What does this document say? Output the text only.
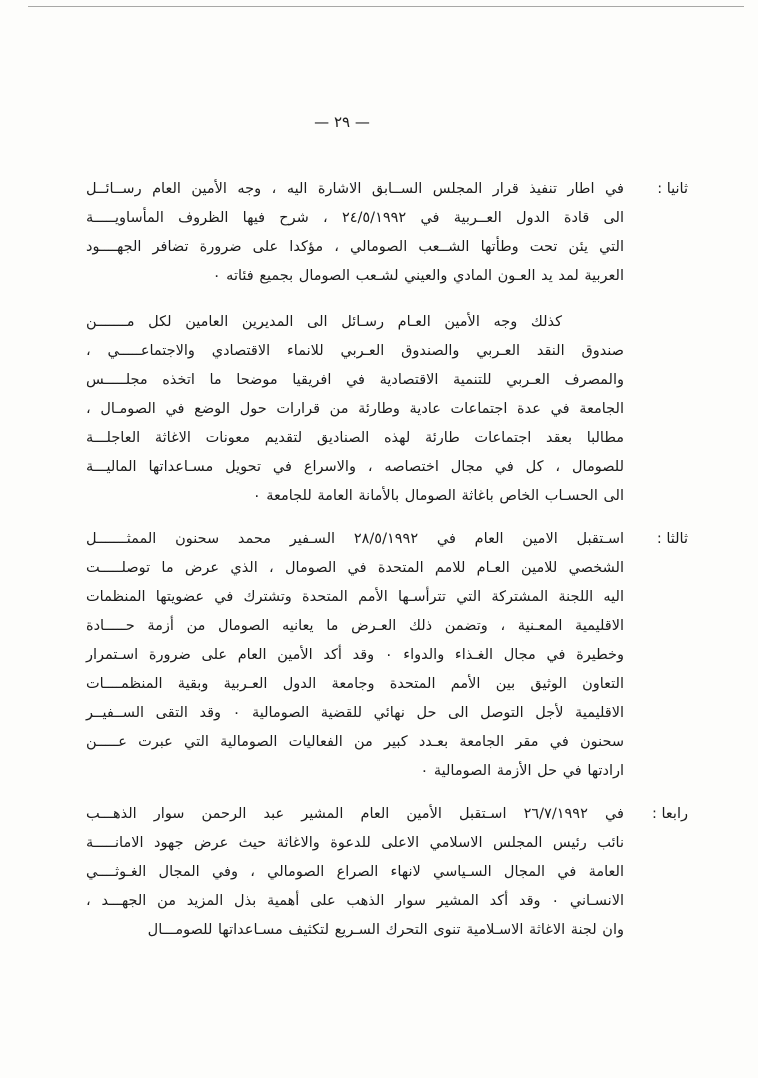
— ٢٩ —
ثانيا :
في اطار تنفيذ قرار المجلس الســابق الاشارة اليه ، وجه الأمين العام رســائــل
الى قادة الدول العــربية في ٢٤/٥/١٩٩٢ ، شرح فيها الظروف المأساويـــــة
التي يئن تحت وطأتها الشــعب الصومالي ، مؤكدا على ضرورة تضافر الجهــــود
العربية لمد يد العـون المادي والعيني لشـعب الصومال بجميع فئاته ٠
كذلك وجه الأمين العـام رسـائل الى المديرين العامين لكل مـــــــن
صندوق النقد العـربي والصندوق العـربي للانماء الاقتصادي والاجتماعـــــي ،
والمصرف العـربي للتنمية الاقتصادية في افريقيا موضحا ما اتخذه مجلـــــس
الجامعة في عدة اجتماعات عادية وطارئة من قرارات حول الوضع في الصومـال ،
مطالبا بعقد اجتماعات طارئة لهذه الصناديق لتقديم معونات الاغاثة العاجلـــة
للصومال ، كل في مجال اختصاصه ، والاسراع في تحويل مسـاعداتها الماليـــة
الى الحسـاب الخاص باغاثة الصومال بالأمانة العامة للجامعة ٠
ثالثا :
اسـتقبل الامين العام في ٢٨/٥/١٩٩٢ السـفير محمد سحنون الممثـــــــل
الشخصي للامين العـام للامم المتحدة في الصومال ، الذي عرض ما توصلـــــت
اليه اللجنة المشتركة التي تترأسـها الأمم المتحدة وتشترك في عضويتها المنظمات
الاقليمية المعـنية ، وتضمن ذلك العـرض ما يعانيه الصومال من أزمة حـــــادة
وخطيرة في مجال الغـذاء والدواء ٠ وقد أكد الأمين العام على ضرورة اسـتمرار
التعاون الوثيق بين الأمم المتحدة وجامعة الدول العـربية وبقية المنظمــــات
الاقليمية لأجل التوصل الى حل نهائي للقضية الصومالية ٠ وقد التقى الســفيــر
سحنون في مقر الجامعة بعـدد كبير من الفعاليات الصومالية التي عبرت عـــــن
ارادتها في حل الأزمة الصومالية ٠
رابعا :
في ٢٦/٧/١٩٩٢ اسـتقبل الأمين العام المشير عبد الرحمن سوار الذهـــب
نائب رئيس المجلس الاسلامي الاعلى للدعوة والاغاثة حيث عرض جهود الامانـــــة
العامة في المجال السـياسي لانهاء الصراع الصومالي ، وفي المجال الغـوثــــي
الانسـاني ٠ وقد أكد المشير سوار الذهب على أهمية بذل المزيد من الجهـــد ،
وان لجنة الاغاثة الاسـلامية تنوى التحرك السـريع لتكثيف مسـاعداتها للصومـــال
